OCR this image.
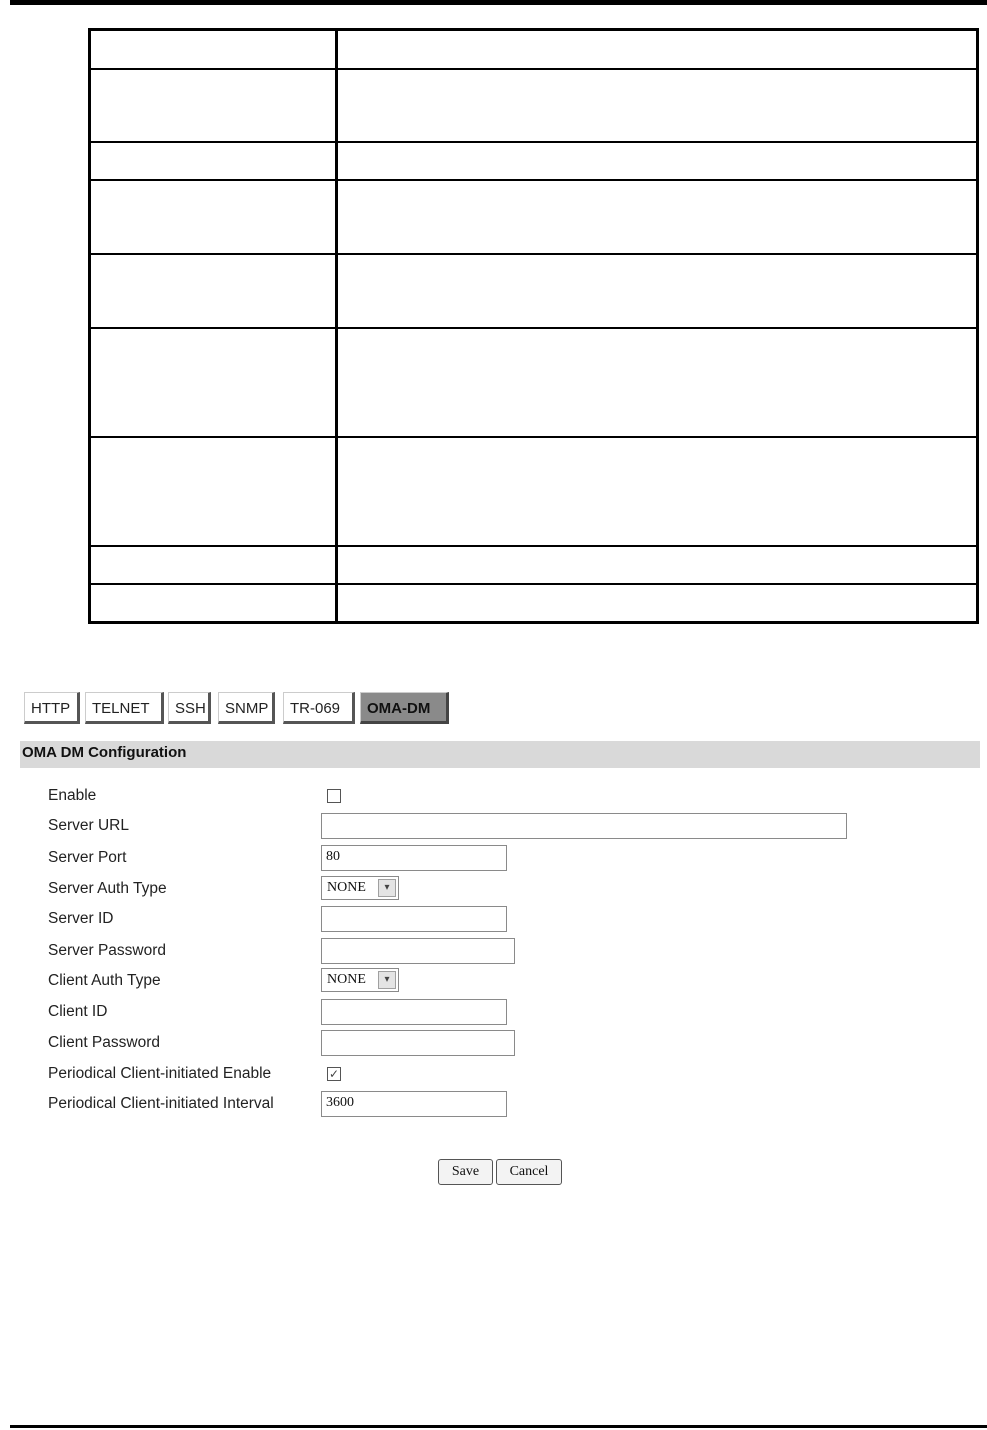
HTTP	TELNET	SSH	SNMP	TR-069	OMA-DM
OMA DM Configuration
Enable
Server URL
Server Port	80
Server Auth Type	NONE	▾
Server ID
Server Password
Client Auth Type	NONE	▾
Client ID
Client Password
Periodical Client-initiated Enable	✓
Periodical Client-initiated Interval	3600
Save	Cancel
